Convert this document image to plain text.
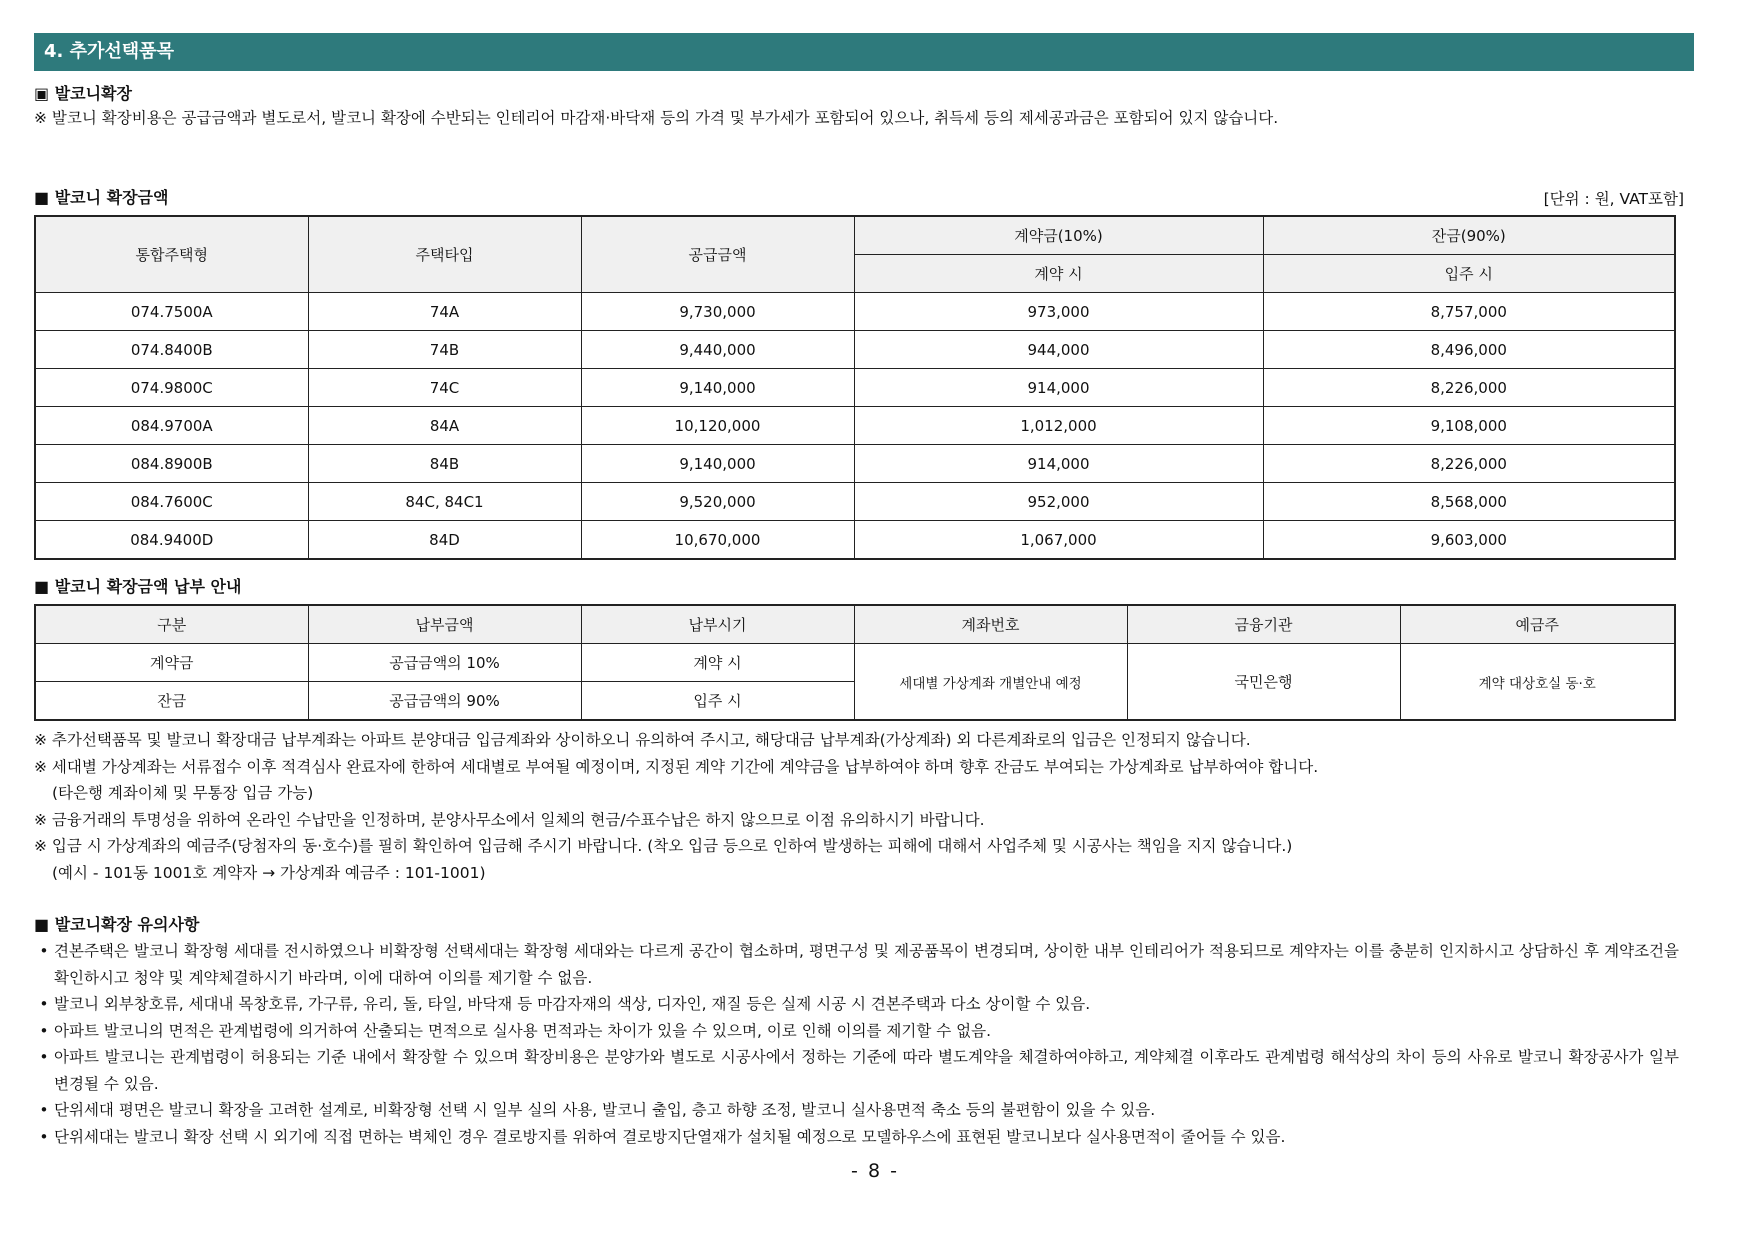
4. 추가선택품목
▣ 발코니확장
※ 발코니 확장비용은 공급금액과 별도로서, 발코니 확장에 수반되는 인테리어 마감재·바닥재 등의 가격 및 부가세가 포함되어 있으나, 취득세 등의 제세공과금은 포함되어 있지 않습니다.
■ 발코니 확장금액	[단위 : 원, VAT포함]
통합주택형	주택타입	공급금액	계약금(10%)	잔금(90%)
			계약 시	입주 시
074.7500A	74A	9,730,000	973,000	8,757,000
074.8400B	74B	9,440,000	944,000	8,496,000
074.9800C	74C	9,140,000	914,000	8,226,000
084.9700A	84A	10,120,000	1,012,000	9,108,000
084.8900B	84B	9,140,000	914,000	8,226,000
084.7600C	84C, 84C1	9,520,000	952,000	8,568,000
084.9400D	84D	10,670,000	1,067,000	9,603,000
■ 발코니 확장금액 납부 안내
구분	납부금액	납부시기	계좌번호	금융기관	예금주
계약금	공급금액의 10%	계약 시	세대별 가상계좌 개별안내 예정	국민은행	계약 대상호실 동·호
잔금	공급금액의 90%	입주 시			
※ 추가선택품목 및 발코니 확장대금 납부계좌는 아파트 분양대금 입금계좌와 상이하오니 유의하여 주시고, 해당대금 납부계좌(가상계좌) 외 다른계좌로의 입금은 인정되지 않습니다.
※ 세대별 가상계좌는 서류접수 이후 적격심사 완료자에 한하여 세대별로 부여될 예정이며, 지정된 계약 기간에 계약금을 납부하여야 하며 향후 잔금도 부여되는 가상계좌로 납부하여야 합니다.
(타은행 계좌이체 및 무통장 입금 가능)
※ 금융거래의 투명성을 위하여 온라인 수납만을 인정하며, 분양사무소에서 일체의 현금/수표수납은 하지 않으므로 이점 유의하시기 바랍니다.
※ 입금 시 가상계좌의 예금주(당첨자의 동·호수)를 필히 확인하여 입금해 주시기 바랍니다. (착오 입금 등으로 인하여 발생하는 피해에 대해서 사업주체 및 시공사는 책임을 지지 않습니다.)
(예시 - 101동 1001호 계약자 → 가상계좌 예금주 : 101-1001)
■ 발코니확장 유의사항
• 견본주택은 발코니 확장형 세대를 전시하였으나 비확장형 선택세대는 확장형 세대와는 다르게 공간이 협소하며, 평면구성 및 제공품목이 변경되며, 상이한 내부 인테리어가 적용되므로 계약자는 이를 충분히 인지하시고 상담하신 후 계약조건을 확인하시고 청약 및 계약체결하시기 바라며, 이에 대하여 이의를 제기할 수 없음.
• 발코니 외부창호류, 세대내 목창호류, 가구류, 유리, 돌, 타일, 바닥재 등 마감자재의 색상, 디자인, 재질 등은 실제 시공 시 견본주택과 다소 상이할 수 있음.
• 아파트 발코니의 면적은 관계법령에 의거하여 산출되는 면적으로 실사용 면적과는 차이가 있을 수 있으며, 이로 인해 이의를 제기할 수 없음.
• 아파트 발코니는 관계법령이 허용되는 기준 내에서 확장할 수 있으며 확장비용은 분양가와 별도로 시공사에서 정하는 기준에 따라 별도계약을 체결하여야하고, 계약체결 이후라도 관계법령 해석상의 차이 등의 사유로 발코니 확장공사가 일부 변경될 수 있음.
• 단위세대 평면은 발코니 확장을 고려한 설계로, 비확장형 선택 시 일부 실의 사용, 발코니 출입, 층고 하향 조정, 발코니 실사용면적 축소 등의 불편함이 있을 수 있음.
• 단위세대는 발코니 확장 선택 시 외기에 직접 면하는 벽체인 경우 결로방지를 위하여 결로방지단열재가 설치될 예정으로 모델하우스에 표현된 발코니보다 실사용면적이 줄어들 수 있음.
- 8 -
